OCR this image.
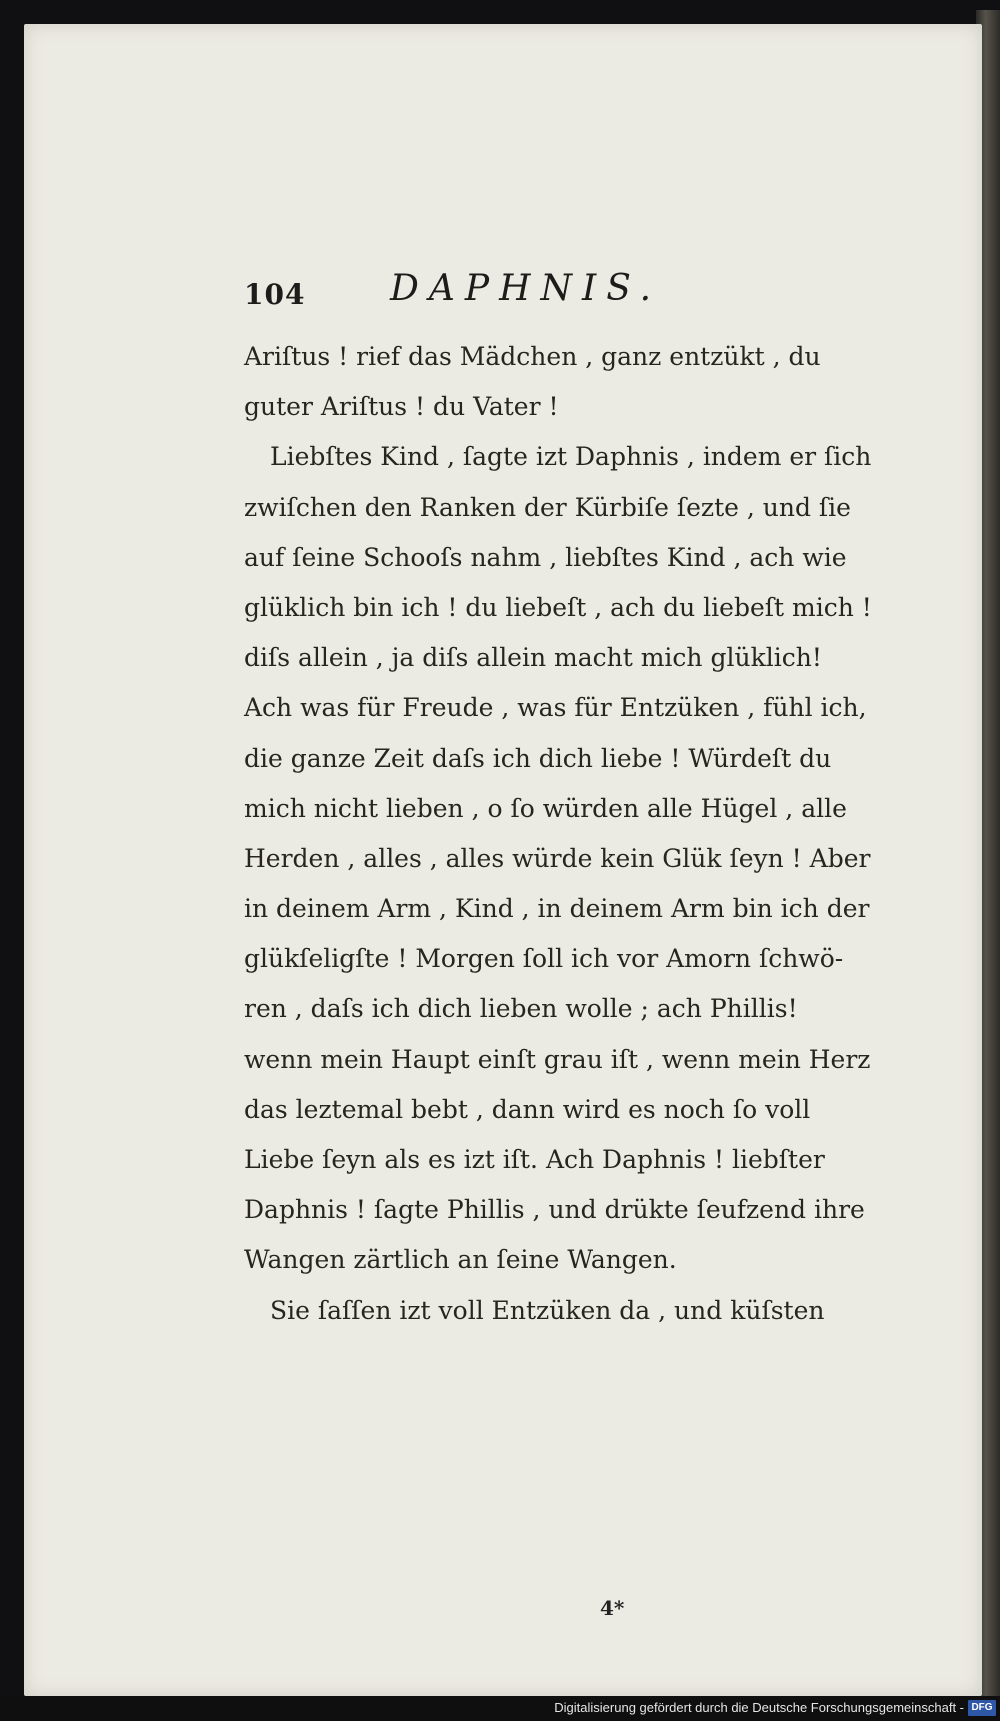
104 DAPHNIS.
Ariſtus ! rief das Mädchen , ganz entzükt , du
guter Ariſtus ! du Vater !
Liebſtes Kind , ſagte izt Daphnis , indem er ſich
zwiſchen den Ranken der Kürbiſe ſezte , und ſie
auf ſeine Schooſs nahm , liebſtes Kind , ach wie
glüklich bin ich ! du liebeſt , ach du liebeſt mich !
diſs allein , ja diſs allein macht mich glüklich!
Ach was für Freude , was für Entzüken , fühl ich,
die ganze Zeit daſs ich dich liebe ! Würdeſt du
mich nicht lieben , o ſo würden alle Hügel , alle
Herden , alles , alles würde kein Glük ſeyn ! Aber
in deinem Arm , Kind , in deinem Arm bin ich der
glükſeligſte ! Morgen ſoll ich vor Amorn ſchwö-
ren , daſs ich dich lieben wolle ; ach Phillis!
wenn mein Haupt einſt grau iſt , wenn mein Herz
das leztemal bebt , dann wird es noch ſo voll
Liebe ſeyn als es izt iſt. Ach Daphnis ! liebſter
Daphnis ! ſagte Phillis , und drükte ſeufzend ihre
Wangen zärtlich an ſeine Wangen.
Sie ſaſſen izt voll Entzüken da , und küſsten
4*
Digitalisierung gefördert durch die Deutsche Forschungsgemeinschaft - DFG
